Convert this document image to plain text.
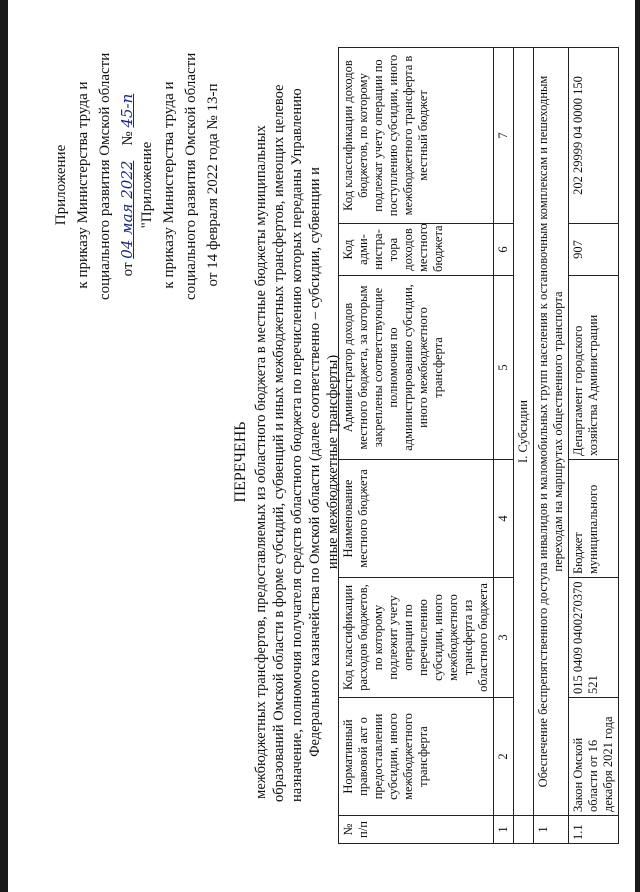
Приложение к приказу Министерства труда и социального развития Омской области от 04 мая 2022    № 45-п
"Приложение к приказу Министерства труда и социального развития Омской области от 14 февраля 2022 года № 13-п
ПЕРЕЧЕНЬ межбюджетных трансфертов, предоставляемых из областного бюджета в местные бюджеты муниципальных образований Омской области в форме субсидий, субвенций и иных межбюджетных трансфертов, имеющих целевое назначение, полномочия получателя средств областного бюджета по перечислению которых переданы Управлению Федерального казначейства по Омской области (далее соответственно – субсидии, субвенции и иные межбюджетные трансферты)
№ п/п	Нормативный правовой акт о предоставлении субсидии, иного межбюджетного трансферта	Код классификации расходов бюджетов, по которому подлежит учету операции по перечислению субсидии, иного межбюджетного трансферта из областного бюджета	Наименование местного бюджета	Администратор доходов местного бюджета, за которым закреплены соответствующие полномочия по администрированию субсидии, иного межбюджетного трансферта	Код адми-нистра-тора доходов местного бюджета	Код классификации доходов бюджетов, по которому подлежат учету операции по поступлению субсидии, иного межбюджетного трансферта в местный бюджет
1	2	3	4	5	6	7
	I. Субсидии					
1	Обеспечение беспрепятственного доступа инвалидов и маломобильных групп населения к остановочным комплексам и пешеходным переходам на маршрутах общественного транспорта					
1.1	Закон Омской области от 16 декабря 2021 года	015 0409 0400270370 521	Бюджет муниципального	Департамент городского хозяйства Администрации	907	202 29999 04 0000 150
